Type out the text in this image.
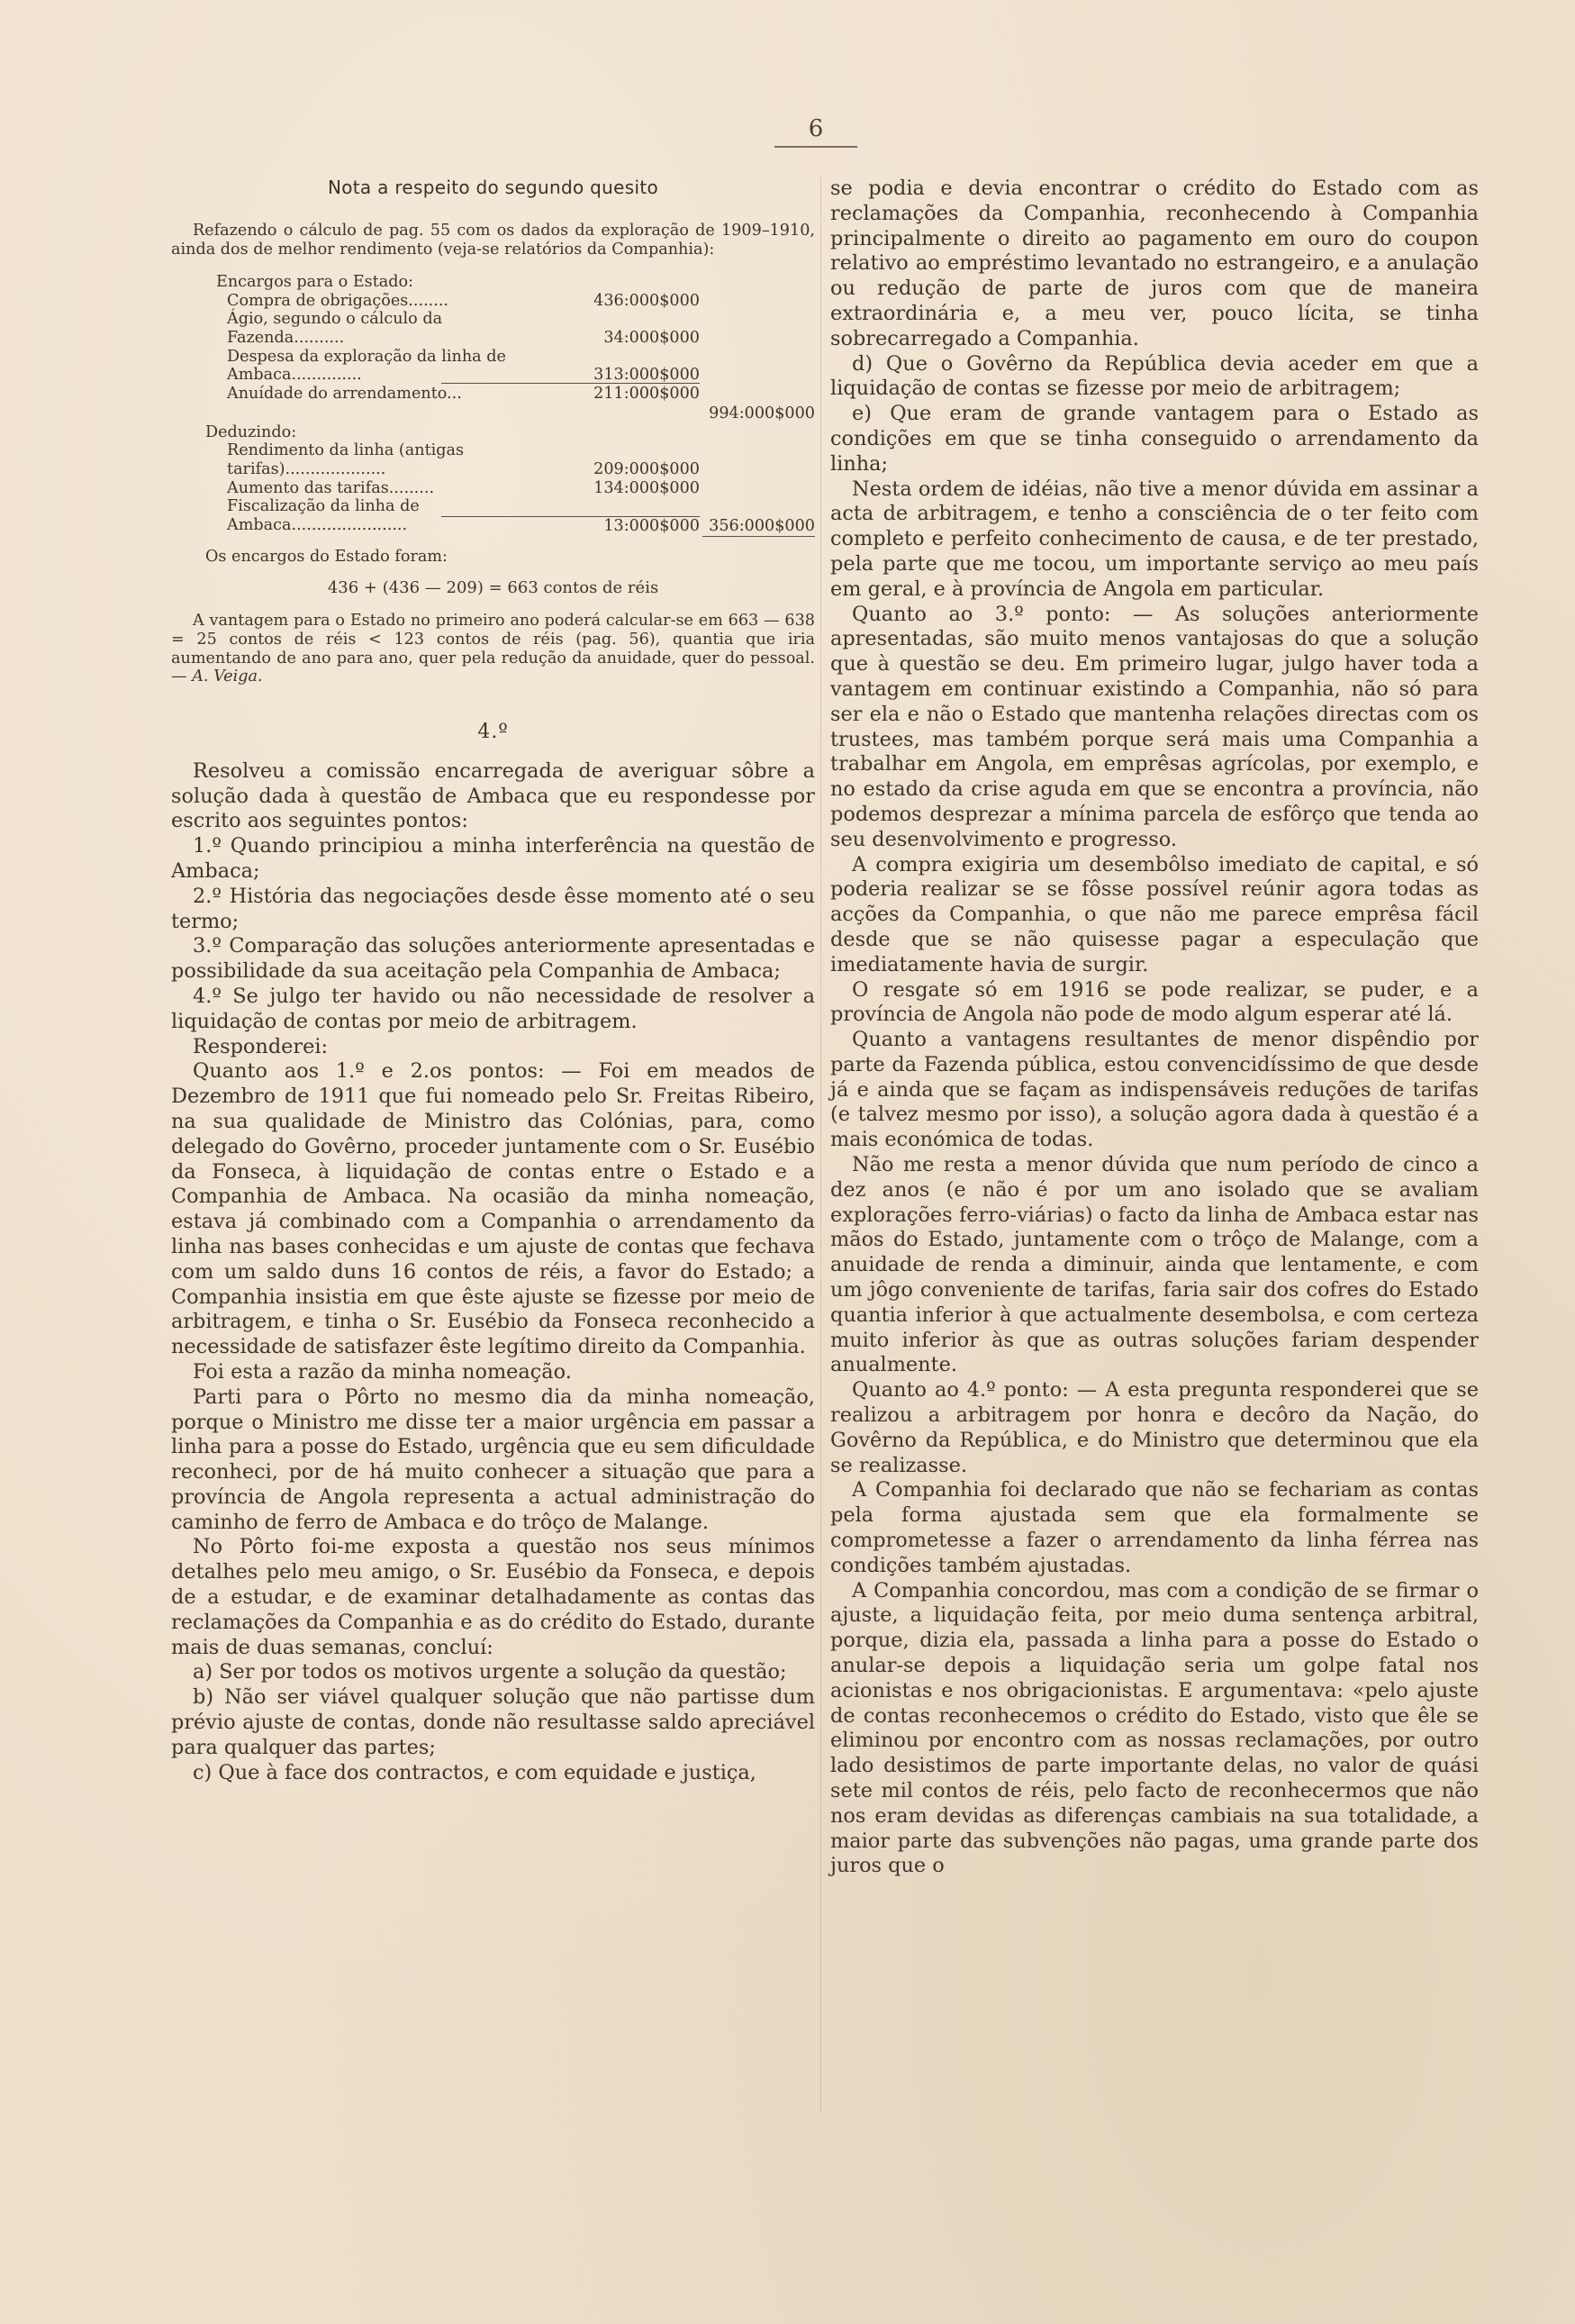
6
Nota a respeito do segundo quesito

Refazendo o cálculo de pag. 55 com os dados da exploração de 1909–1910, ainda dos de melhor rendimento (veja-se relatórios da Companhia):

Encargos para o Estado:
Compra de obrigações........	436:000$000
Ágio, segundo o cálculo da Fazenda..........	34:000$000
Despesa da exploração da linha de Ambaca..............	313:000$000
Anuídade do arrendamento...	211:000$000
994:000$000
Deduzindo:
Rendimento da linha (antigas tarifas)....................	209:000$000
Aumento das tarifas.........	134:000$000
Fiscalização da linha de Ambaca.......................	13:000$000 356:000$000

Os encargos do Estado foram:

436 + (436 — 209) = 663 contos de réis

A vantagem para o Estado no primeiro ano poderá calcular-se em 663 — 638 = 25 contos de réis < 123 contos de réis (pag. 56), quantia que iria aumentando de ano para ano, quer pela redução da anuidade, quer do pessoal. — A. Veiga.

4.º

Resolveu a comissão encarregada de averiguar sôbre a solução dada à questão de Ambaca que eu respondesse por escrito aos seguintes pontos:

1.º Quando principiou a minha interferência na questão de Ambaca;

2.º História das negociações desde êsse momento até o seu termo;

3.º Comparação das soluções anteriormente apresentadas e possibilidade da sua aceitação pela Companhia de Ambaca;

4.º Se julgo ter havido ou não necessidade de resolver a liquidação de contas por meio de arbitragem.

Responderei:

Quanto aos 1.º e 2.os pontos: — Foi em meados de Dezembro de 1911 que fui nomeado pelo Sr. Freitas Ribeiro, na sua qualidade de Ministro das Colónias, para, como delegado do Govêrno, proceder juntamente com o Sr. Eusébio da Fonseca, à liquidação de contas entre o Estado e a Companhia de Ambaca. Na ocasião da minha nomeação, estava já combinado com a Companhia o arrendamento da linha nas bases conhecidas e um ajuste de contas que fechava com um saldo duns 16 contos de réis, a favor do Estado; a Companhia insistia em que êste ajuste se fizesse por meio de arbitragem, e tinha o Sr. Eusébio da Fonseca reconhecido a necessidade de satisfazer êste legítimo direito da Companhia.

Foi esta a razão da minha nomeação.

Parti para o Pôrto no mesmo dia da minha nomeação, porque o Ministro me disse ter a maior urgência em passar a linha para a posse do Estado, urgência que eu sem dificuldade reconheci, por de há muito conhecer a situação que para a província de Angola representa a actual administração do caminho de ferro de Ambaca e do trôço de Malange.

No Pôrto foi-me exposta a questão nos seus mínimos detalhes pelo meu amigo, o Sr. Eusébio da Fonseca, e depois de a estudar, e de examinar detalhadamente as contas das reclamações da Companhia e as do crédito do Estado, durante mais de duas semanas, concluí:

a) Ser por todos os motivos urgente a solução da questão;

b) Não ser viável qualquer solução que não partisse dum prévio ajuste de contas, donde não resultasse saldo apreciável para qualquer das partes;

c) Que à face dos contractos, e com equidade e justiça,

se podia e devia encontrar o crédito do Estado com as reclamações da Companhia, reconhecendo à Companhia principalmente o direito ao pagamento em ouro do coupon relativo ao empréstimo levantado no estrangeiro, e a anulação ou redução de parte de juros com que de maneira extraordinária e, a meu ver, pouco lícita, se tinha sobrecarregado a Companhia.

d) Que o Govêrno da República devia aceder em que a liquidação de contas se fizesse por meio de arbitragem;

e) Que eram de grande vantagem para o Estado as condições em que se tinha conseguido o arrendamento da linha;

Nesta ordem de idéias, não tive a menor dúvida em assinar a acta de arbitragem, e tenho a consciência de o ter feito com completo e perfeito conhecimento de causa, e de ter prestado, pela parte que me tocou, um importante serviço ao meu país em geral, e à província de Angola em particular.

Quanto ao 3.º ponto: — As soluções anteriormente apresentadas, são muito menos vantajosas do que a solução que à questão se deu. Em primeiro lugar, julgo haver toda a vantagem em continuar existindo a Companhia, não só para ser ela e não o Estado que mantenha relações directas com os trustees, mas também porque será mais uma Companhia a trabalhar em Angola, em emprêsas agrícolas, por exemplo, e no estado da crise aguda em que se encontra a província, não podemos desprezar a mínima parcela de esfôrço que tenda ao seu desenvolvimento e progresso.

A compra exigiria um desembôlso imediato de capital, e só poderia realizar se se fôsse possível reúnir agora todas as acções da Companhia, o que não me parece emprêsa fácil desde que se não quisesse pagar a especulação que imediatamente havia de surgir.

O resgate só em 1916 se pode realizar, se puder, e a província de Angola não pode de modo algum esperar até lá.

Quanto a vantagens resultantes de menor dispêndio por parte da Fazenda pública, estou convencidíssimo de que desde já e ainda que se façam as indispensáveis reduções de tarifas (e talvez mesmo por isso), a solução agora dada à questão é a mais económica de todas.

Não me resta a menor dúvida que num período de cinco a dez anos (e não é por um ano isolado que se avaliam explorações ferro-viárias) o facto da linha de Ambaca estar nas mãos do Estado, juntamente com o trôço de Malange, com a anuidade de renda a diminuir, ainda que lentamente, e com um jôgo conveniente de tarifas, faria sair dos cofres do Estado quantia inferior à que actualmente desembolsa, e com certeza muito inferior às que as outras soluções fariam despender anualmente.

Quanto ao 4.º ponto: — A esta pregunta responderei que se realizou a arbitragem por honra e decôro da Nação, do Govêrno da República, e do Ministro que determinou que ela se realizasse.

A Companhia foi declarado que não se fechariam as contas pela forma ajustada sem que ela formalmente se comprometesse a fazer o arrendamento da linha férrea nas condições também ajustadas.

A Companhia concordou, mas com a condição de se firmar o ajuste, a liquidação feita, por meio duma sentença arbitral, porque, dizia ela, passada a linha para a posse do Estado o anular-se depois a liquidação seria um golpe fatal nos acionistas e nos obrigacionistas. E argumentava: «pelo ajuste de contas reconhecemos o crédito do Estado, visto que êle se eliminou por encontro com as nossas reclamações, por outro lado desistimos de parte importante delas, no valor de quási sete mil contos de réis, pelo facto de reconhecermos que não nos eram devidas as diferenças cambiais na sua totalidade, a maior parte das subvenções não pagas, uma grande parte dos juros que o
